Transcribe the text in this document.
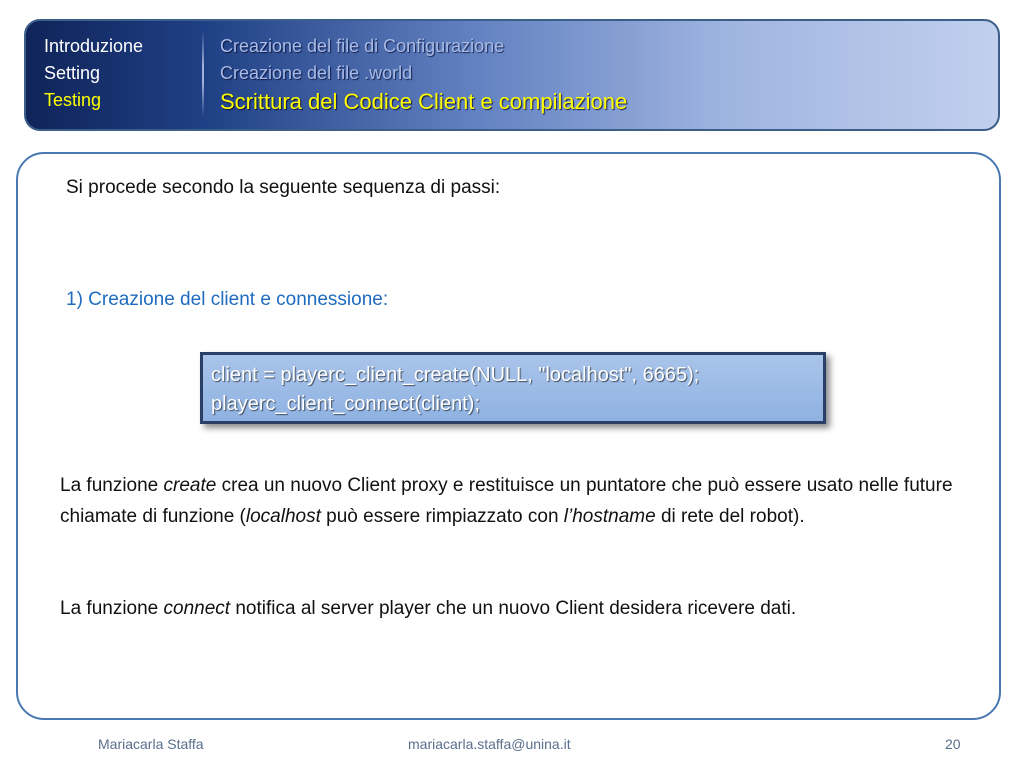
Introduzione
Setting
Testing
Creazione del file di Configurazione
Creazione del file .world
Scrittura del Codice Client e compilazione
Si procede secondo la seguente sequenza di passi:
1) Creazione del client e connessione:
client = playerc_client_create(NULL, "localhost", 6665);
playerc_client_connect(client);
La funzione create crea un nuovo Client proxy e restituisce un puntatore che può essere usato nelle future chiamate di funzione (localhost può essere rimpiazzato con l’hostname di rete del robot).
La funzione connect notifica al server player che un nuovo Client desidera ricevere dati.
Mariacarla Staffa	mariacarla.staffa@unina.it	20
